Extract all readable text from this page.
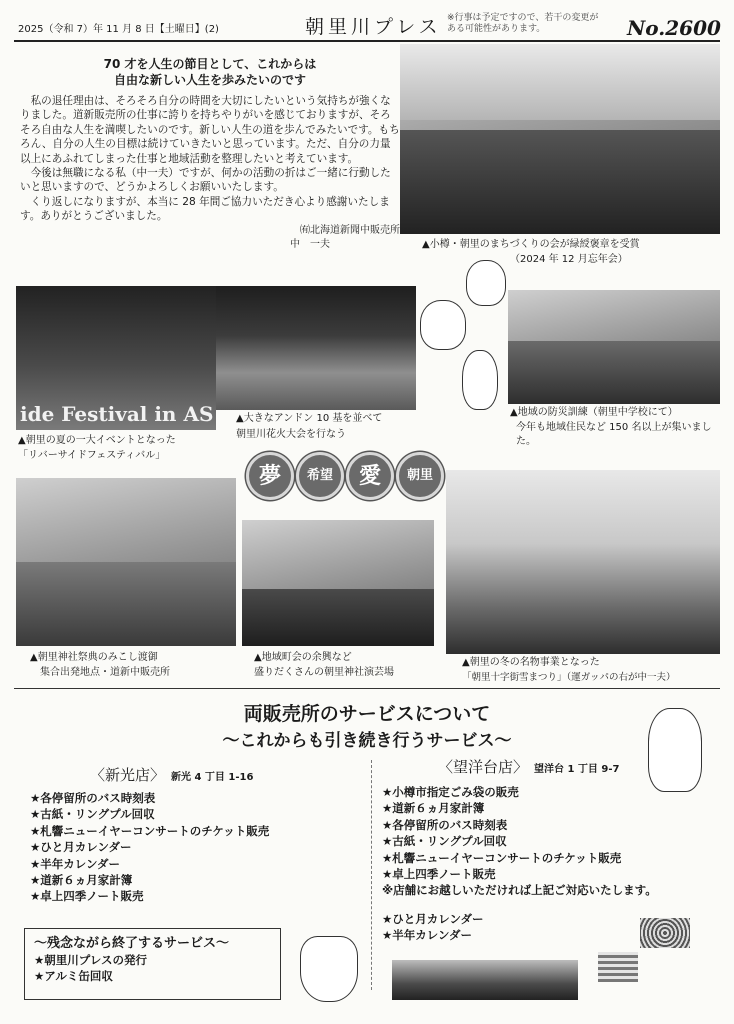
2025（令和 7）年 11 月 8 日【土曜日】(2)	朝里川プレス ※行事は予定ですので、若干の変更がある可能性があります。	No.2600
70 才を人生の節目として、これからは
自由な新しい人生を歩みたいのです

私の退任理由は、そろそろ自分の時間を大切にしたいという気持ちが強くなりました。道新販売所の仕事に誇りを持ちやりがいを感じておりますが、そろそろ自由な人生を満喫したいのです。新しい人生の道を歩んでみたいです。もちろん、自分の人生の目標は続けていきたいと思っています。ただ、自分の力量以上にあふれてしまった仕事と地域活動を整理したいと考えています。

今後は無職になる私（中一夫）ですが、何かの活動の折はご一緒に行動したいと思いますので、どうかよろしくお願いいたします。

くり返しになりますが、本当に 28 年間ご協力いただき心より感謝いたします。ありがとうございました。

㈲北海道新聞中販売所
中　一夫	▲小樽・朝里のまちづくりの会が緑綬褒章を受賞
（2024 年 12 月忘年会）
ide Festival in AS
▲朝里の夏の一大イベントとなった
「リバーサイドフェスティバル」
▲大きなアンドン 10 基を並べて
朝里川花火大会を行なう
▲地域の防災訓練（朝里中学校にて）
今年も地域住民など 150 名以上が集いました。
夢	希望	愛	朝里
▲朝里神社祭典のみこし渡御
集合出発地点・道新中販売所
▲地域町会の余興など
盛りだくさんの朝里神社演芸場
▲朝里の冬の名物事業となった
「朝里十字街雪まつり」（運ガッパの右が中一夫）
両販売所のサービスについて
〜これからも引き続き行うサービス〜
〈新光店〉 新光 4 丁目 1-16
★各停留所のバス時刻表
★古紙・リングプル回収
★札響ニューイヤーコンサートのチケット販売
★ひと月カレンダー
★半年カレンダー
★道新６ヵ月家計簿
★卓上四季ノート販売
〈望洋台店〉 望洋台 1 丁目 9-7
★小樽市指定ごみ袋の販売
★道新６ヵ月家計簿
★各停留所のバス時刻表
★古紙・リングプル回収
★札響ニューイヤーコンサートのチケット販売
★卓上四季ノート販売
※店舗にお越しいただければ上記ご対応いたします。
★ひと月カレンダー
★半年カレンダー
〜残念ながら終了するサービス〜
★朝里川プレスの発行
★アルミ缶回収
